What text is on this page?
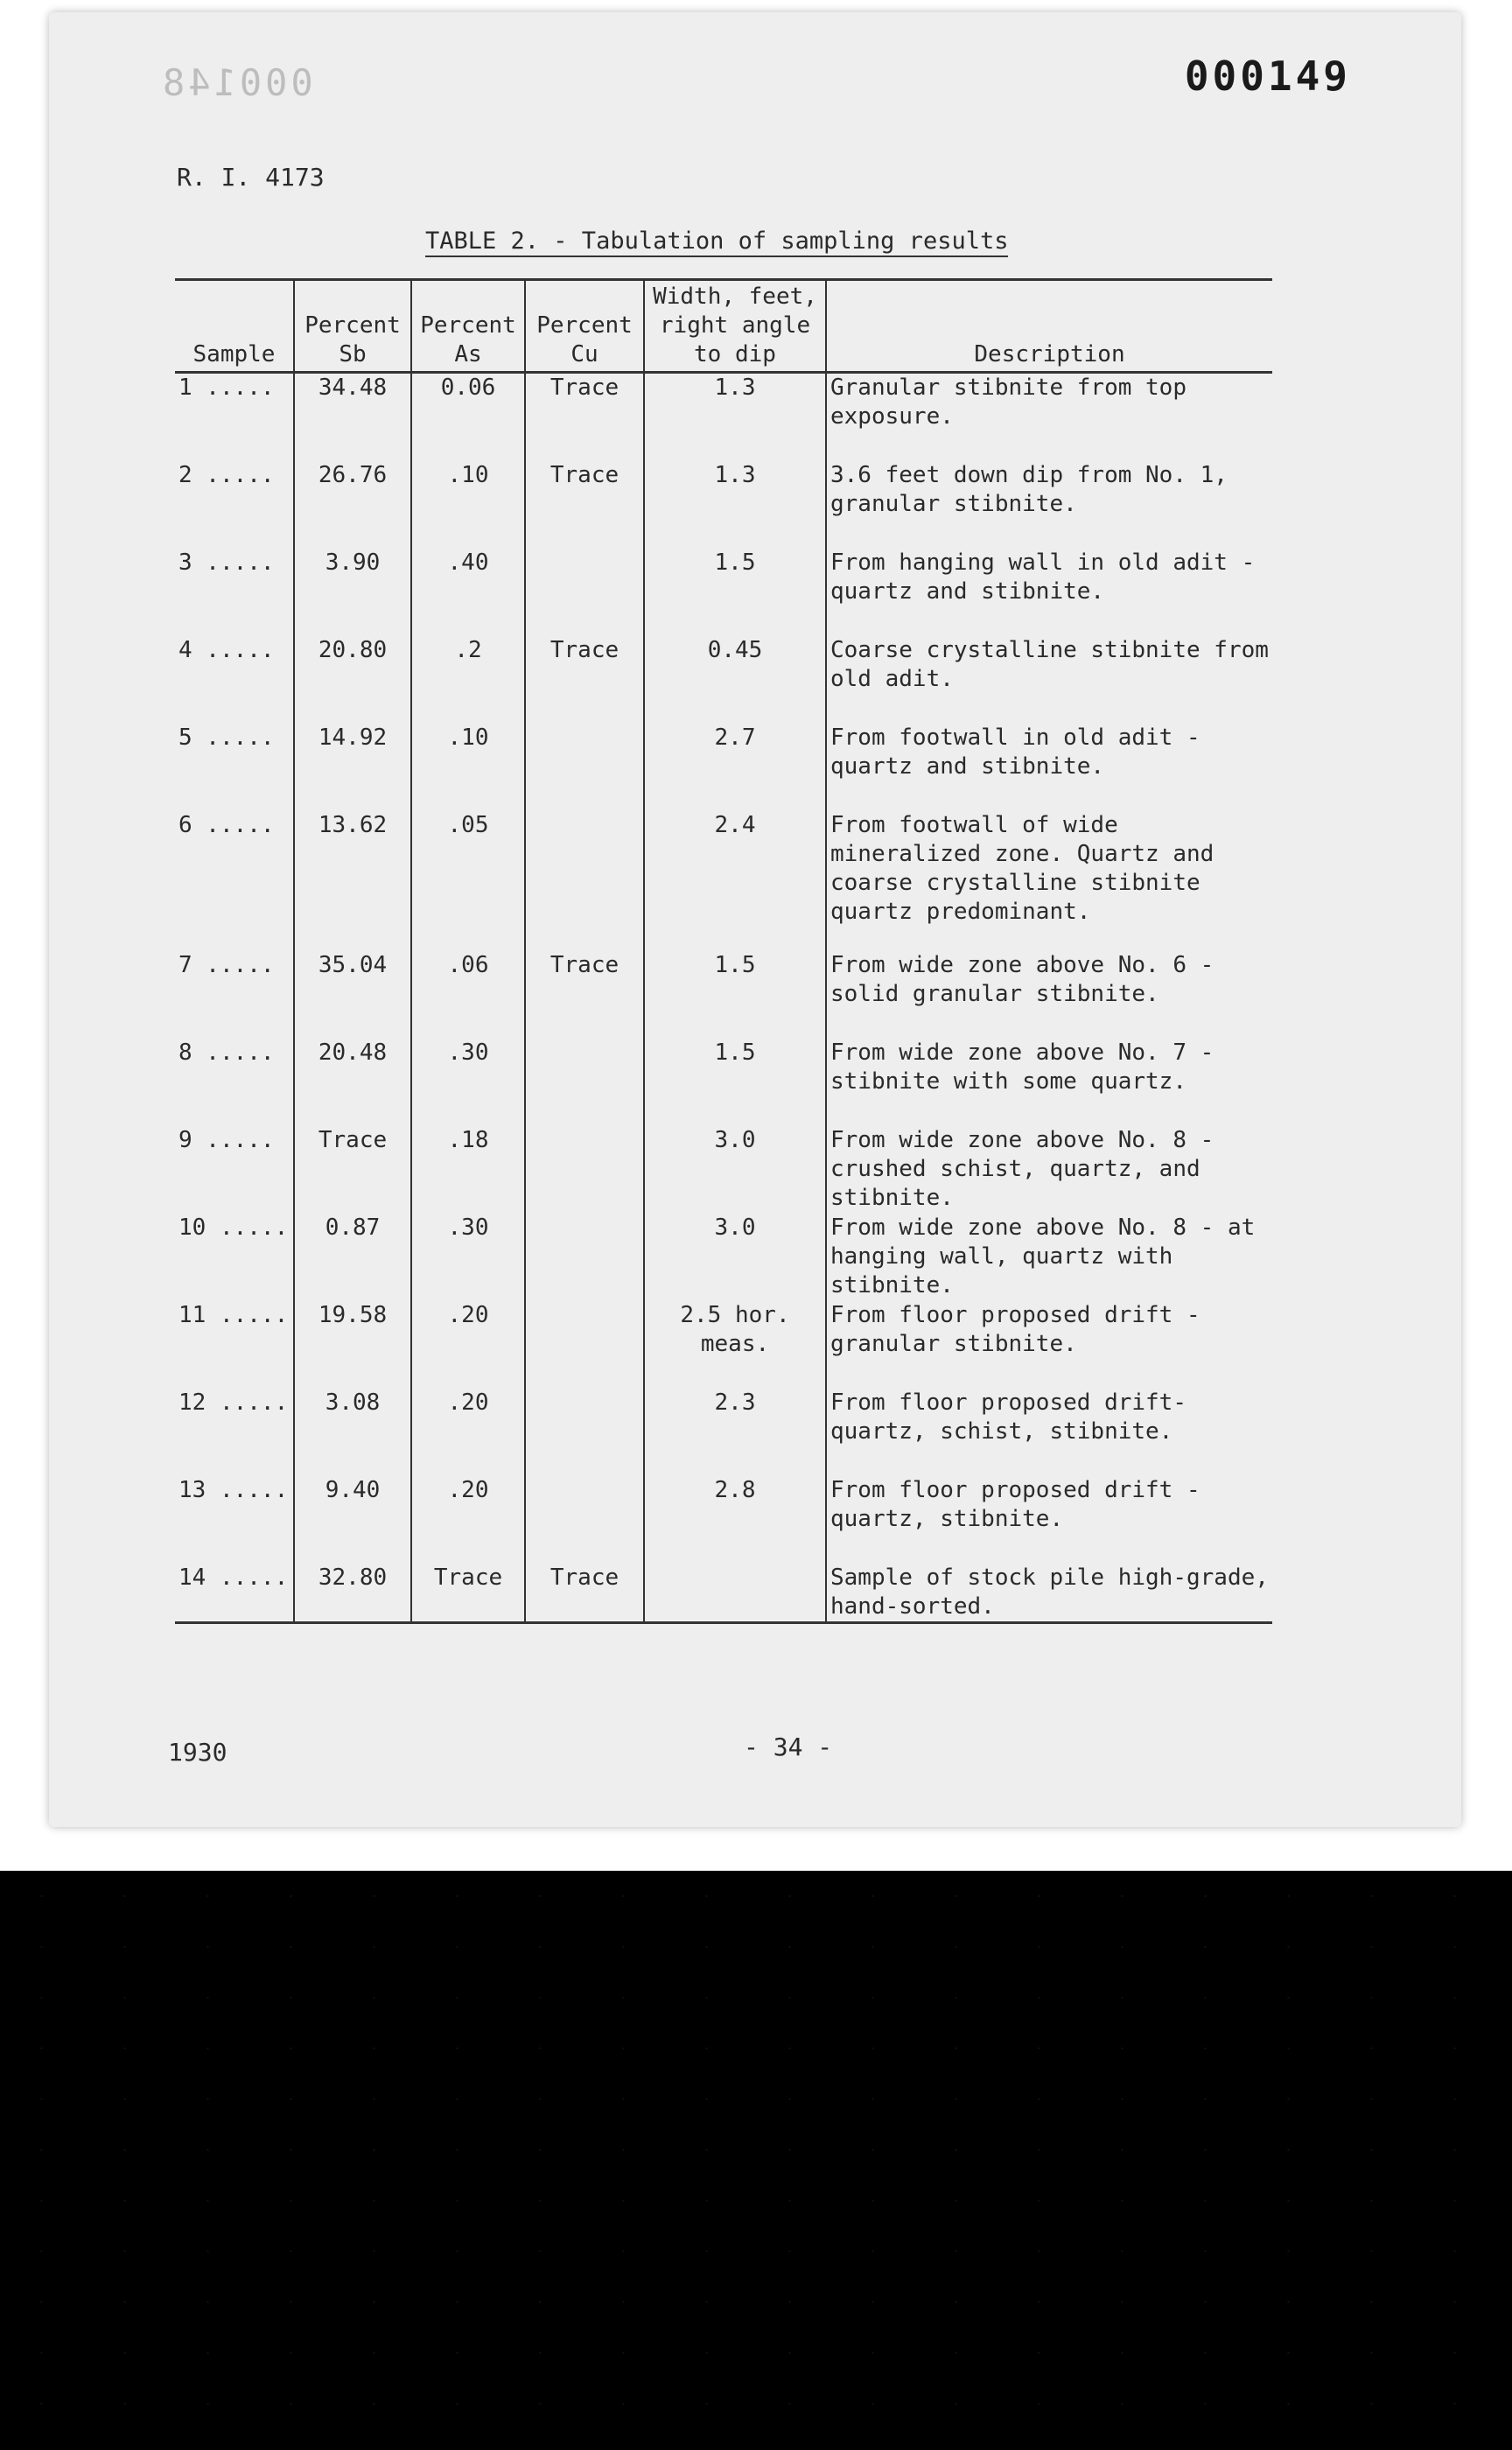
000148	000149
R. I. 4173
TABLE 2. - Tabulation of sampling results
Sample	Percent Sb	Percent As	Percent Cu	Width, feet, right angle to dip	Description
1 .....	34.48	0.06	Trace	1.3	Granular stibnite from top exposure.
2 .....	26.76	.10	Trace	1.3	3.6 feet down dip from No. 1, granular stibnite.
3 .....	3.90	.40		1.5	From hanging wall in old adit - quartz and stibnite.
4 .....	20.80	.2	Trace	0.45	Coarse crystalline stibnite from old adit.
5 .....	14.92	.10		2.7	From footwall in old adit - quartz and stibnite.
6 .....	13.62	.05		2.4	From footwall of wide mineralized zone. Quartz and coarse crystalline stibnite quartz predominant.
7 .....	35.04	.06	Trace	1.5	From wide zone above No. 6 - solid granular stibnite.
8 .....	20.48	.30		1.5	From wide zone above No. 7 - stibnite with some quartz.
9 .....	Trace	.18		3.0	From wide zone above No. 8 - crushed schist, quartz, and stibnite.
10 .....	0.87	.30		3.0	From wide zone above No. 8 - at hanging wall, quartz with stibnite.
11 .....	19.58	.20		2.5 hor. meas.	From floor proposed drift - granular stibnite.
12 .....	3.08	.20		2.3	From floor proposed drift- quartz, schist, stibnite.
13 .....	9.40	.20		2.8	From floor proposed drift - quartz, stibnite.
14 .....	32.80	Trace	Trace		Sample of stock pile high-grade, hand-sorted.
1930	- 34 -
